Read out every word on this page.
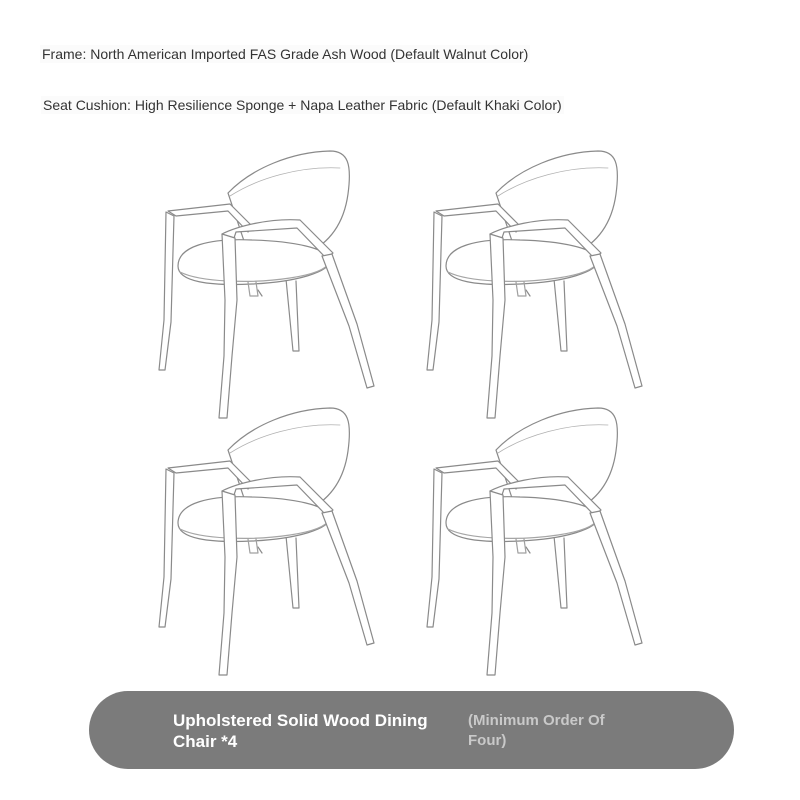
Frame: North American Imported FAS Grade Ash Wood (Default Walnut Color)
Seat Cushion: High Resilience Sponge + Napa Leather Fabric (Default Khaki Color)
Upholstered Solid Wood Dining Chair *4
(Minimum Order Of Four)
